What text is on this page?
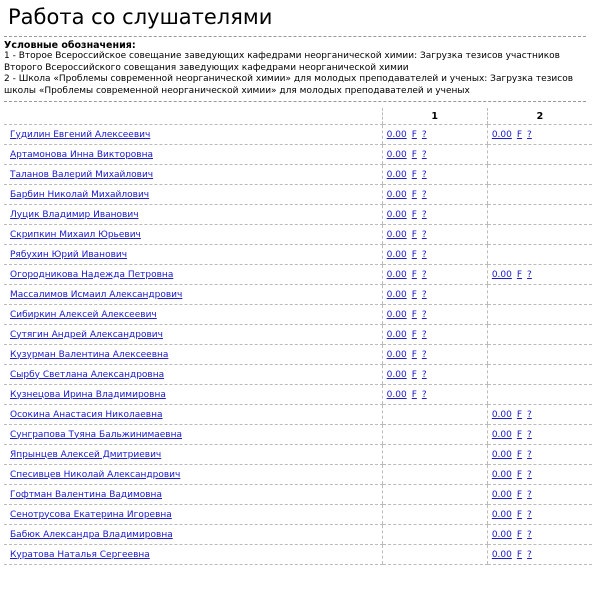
Работа со слушателями
Условные обозначения:
1 - Второе Всероссийское совещание заведующих кафедрами неорганической химии: Загрузка тезисов участников Второго Всероссийского совещания заведующих кафедрами неорганической химии
2 - Школа «Проблемы современной неорганической химии» для молодых преподавателей и ученых: Загрузка тезисов школы «Проблемы современной неорганической химии» для молодых преподавателей и ученых
	1	2
Гудилин Евгений Алексеевич	0.00 F ?	0.00 F ?
Артамонова Инна Викторовна	0.00 F ?	
Таланов Валерий Михайлович	0.00 F ?	
Барбин Николай Михайлович	0.00 F ?	
Луцик Владимир Иванович	0.00 F ?	
Скрипкин Михаил Юрьевич	0.00 F ?	
Рябухин Юрий Иванович	0.00 F ?	
Огородникова Надежда Петровна	0.00 F ?	0.00 F ?
Массалимов Исмаил Александрович	0.00 F ?	
Сибиркин Алексей Алексеевич	0.00 F ?	
Сутягин Андрей Александрович	0.00 F ?	
Кузурман Валентина Алексеевна	0.00 F ?	
Сырбу Светлана Александровна	0.00 F ?	
Кузнецова Ирина Владимировна	0.00 F ?	
Осокина Анастасия Николаевна		0.00 F ?
Сунграпова Туяна Бальжинимаевна		0.00 F ?
Япрынцев Алексей Дмитриевич		0.00 F ?
Спесивцев Николай Александрович		0.00 F ?
Гофтман Валентина Вадимовна		0.00 F ?
Сенотрусова Екатерина Игоревна		0.00 F ?
Бабюк Александра Владимировна		0.00 F ?
Куратова Наталья Сергеевна		0.00 F ?
